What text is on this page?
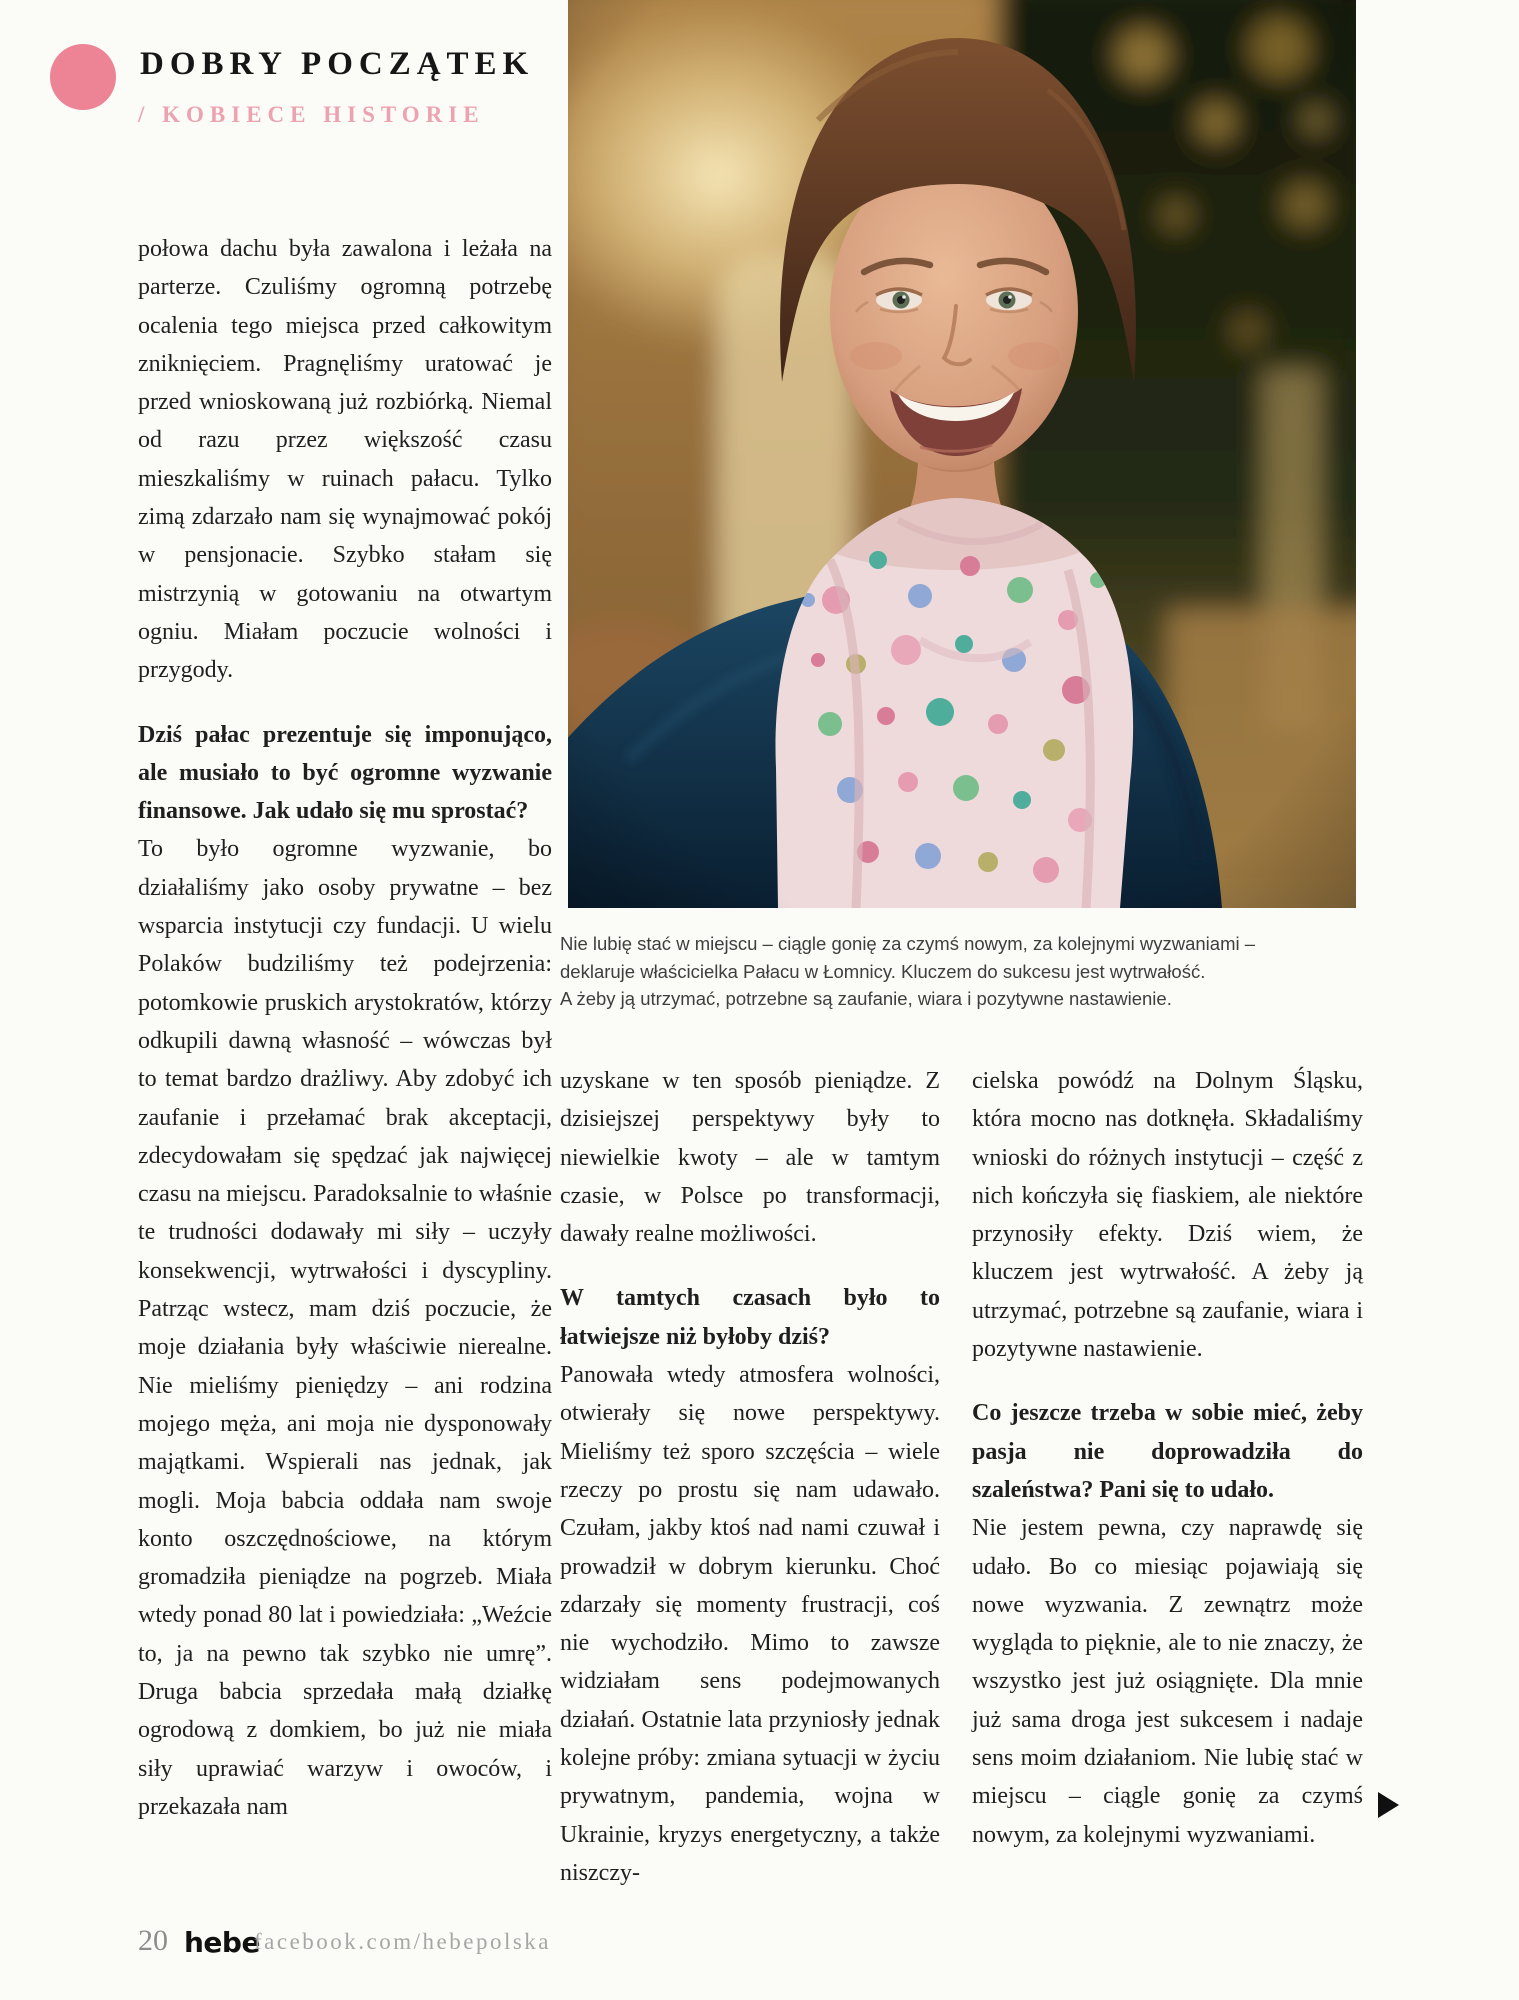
DOBRY POCZĄTEK
/ KOBIECE HISTORIE
Nie lubię stać w miejscu – ciągle gonię za czymś nowym, za kolejnymi wyzwaniami –
deklaruje właścicielka Pałacu w Łomnicy. Kluczem do sukcesu jest wytrwałość.
A żeby ją utrzymać, potrzebne są zaufanie, wiara i pozytywne nastawienie.

połowa dachu była zawalona i leżała na parterze. Czuliśmy ogromną potrzebę ocalenia tego miejsca przed całkowitym zniknięciem. Pragnęliśmy uratować je przed wnioskowaną już rozbiórką. Niemal od razu przez większość czasu mieszkaliśmy w ruinach pałacu. Tylko zimą zdarzało nam się wynajmować pokój w pensjonacie. Szybko stałam się mistrzynią w gotowaniu na otwartym ogniu. Miałam poczucie wolności i przygody.

Dziś pałac prezentuje się imponująco, ale musiało to być ogromne wyzwanie finansowe. Jak udało się mu sprostać?

To było ogromne wyzwanie, bo działaliśmy jako osoby prywatne – bez wsparcia instytucji czy fundacji. U wielu Polaków budziliśmy też podejrzenia: potomkowie pruskich arystokratów, którzy odkupili dawną własność – wówczas był to temat bardzo drażliwy. Aby zdobyć ich zaufanie i przełamać brak akceptacji, zdecydowałam się spędzać jak najwięcej czasu na miejscu. Paradoksalnie to właśnie te trudności dodawały mi siły – uczyły konsekwencji, wytrwałości i dyscypliny. Patrząc wstecz, mam dziś poczucie, że moje działania były właściwie nierealne. Nie mieliśmy pieniędzy – ani rodzina mojego męża, ani moja nie dysponowały majątkami. Wspierali nas jednak, jak mogli. Moja babcia oddała nam swoje konto oszczędnościowe, na którym gromadziła pieniądze na pogrzeb. Miała wtedy ponad 80 lat i powiedziała: „Weźcie to, ja na pewno tak szybko nie umrę”. Druga babcia sprzedała małą działkę ogrodową z domkiem, bo już nie miała siły uprawiać warzyw i owoców, i przekazała nam

uzyskane w ten sposób pieniądze. Z dzisiejszej perspektywy były to niewielkie kwoty – ale w tamtym czasie, w Polsce po transformacji, dawały realne możliwości.

W tamtych czasach było to łatwiejsze niż byłoby dziś?

Panowała wtedy atmosfera wolności, otwierały się nowe perspektywy. Mieliśmy też sporo szczęścia – wiele rzeczy po prostu się nam udawało. Czułam, jakby ktoś nad nami czuwał i prowadził w dobrym kierunku. Choć zdarzały się momenty frustracji, coś nie wychodziło. Mimo to zawsze widziałam sens podejmowanych działań. Ostatnie lata przyniosły jednak kolejne próby: zmiana sytuacji w życiu prywatnym, pandemia, wojna w Ukrainie, kryzys energetyczny, a także niszczy-

cielska powódź na Dolnym Śląsku, która mocno nas dotknęła. Składaliśmy wnioski do różnych instytucji – część z nich kończyła się fiaskiem, ale niektóre przynosiły efekty. Dziś wiem, że kluczem jest wytrwałość. A żeby ją utrzymać, potrzebne są zaufanie, wiara i pozytywne nastawienie.

Co jeszcze trzeba w sobie mieć, żeby pasja nie doprowadziła do szaleństwa? Pani się to udało.

Nie jestem pewna, czy naprawdę się udało. Bo co miesiąc pojawiają się nowe wyzwania. Z zewnątrz może wygląda to pięknie, ale to nie znaczy, że wszystko jest już osiągnięte. Dla mnie już sama droga jest sukcesem i nadaje sens moim działaniom. Nie lubię stać w miejscu – ciągle gonię za czymś nowym, za kolejnymi wyzwaniami.

20 hebe
facebook.com/hebepolska
